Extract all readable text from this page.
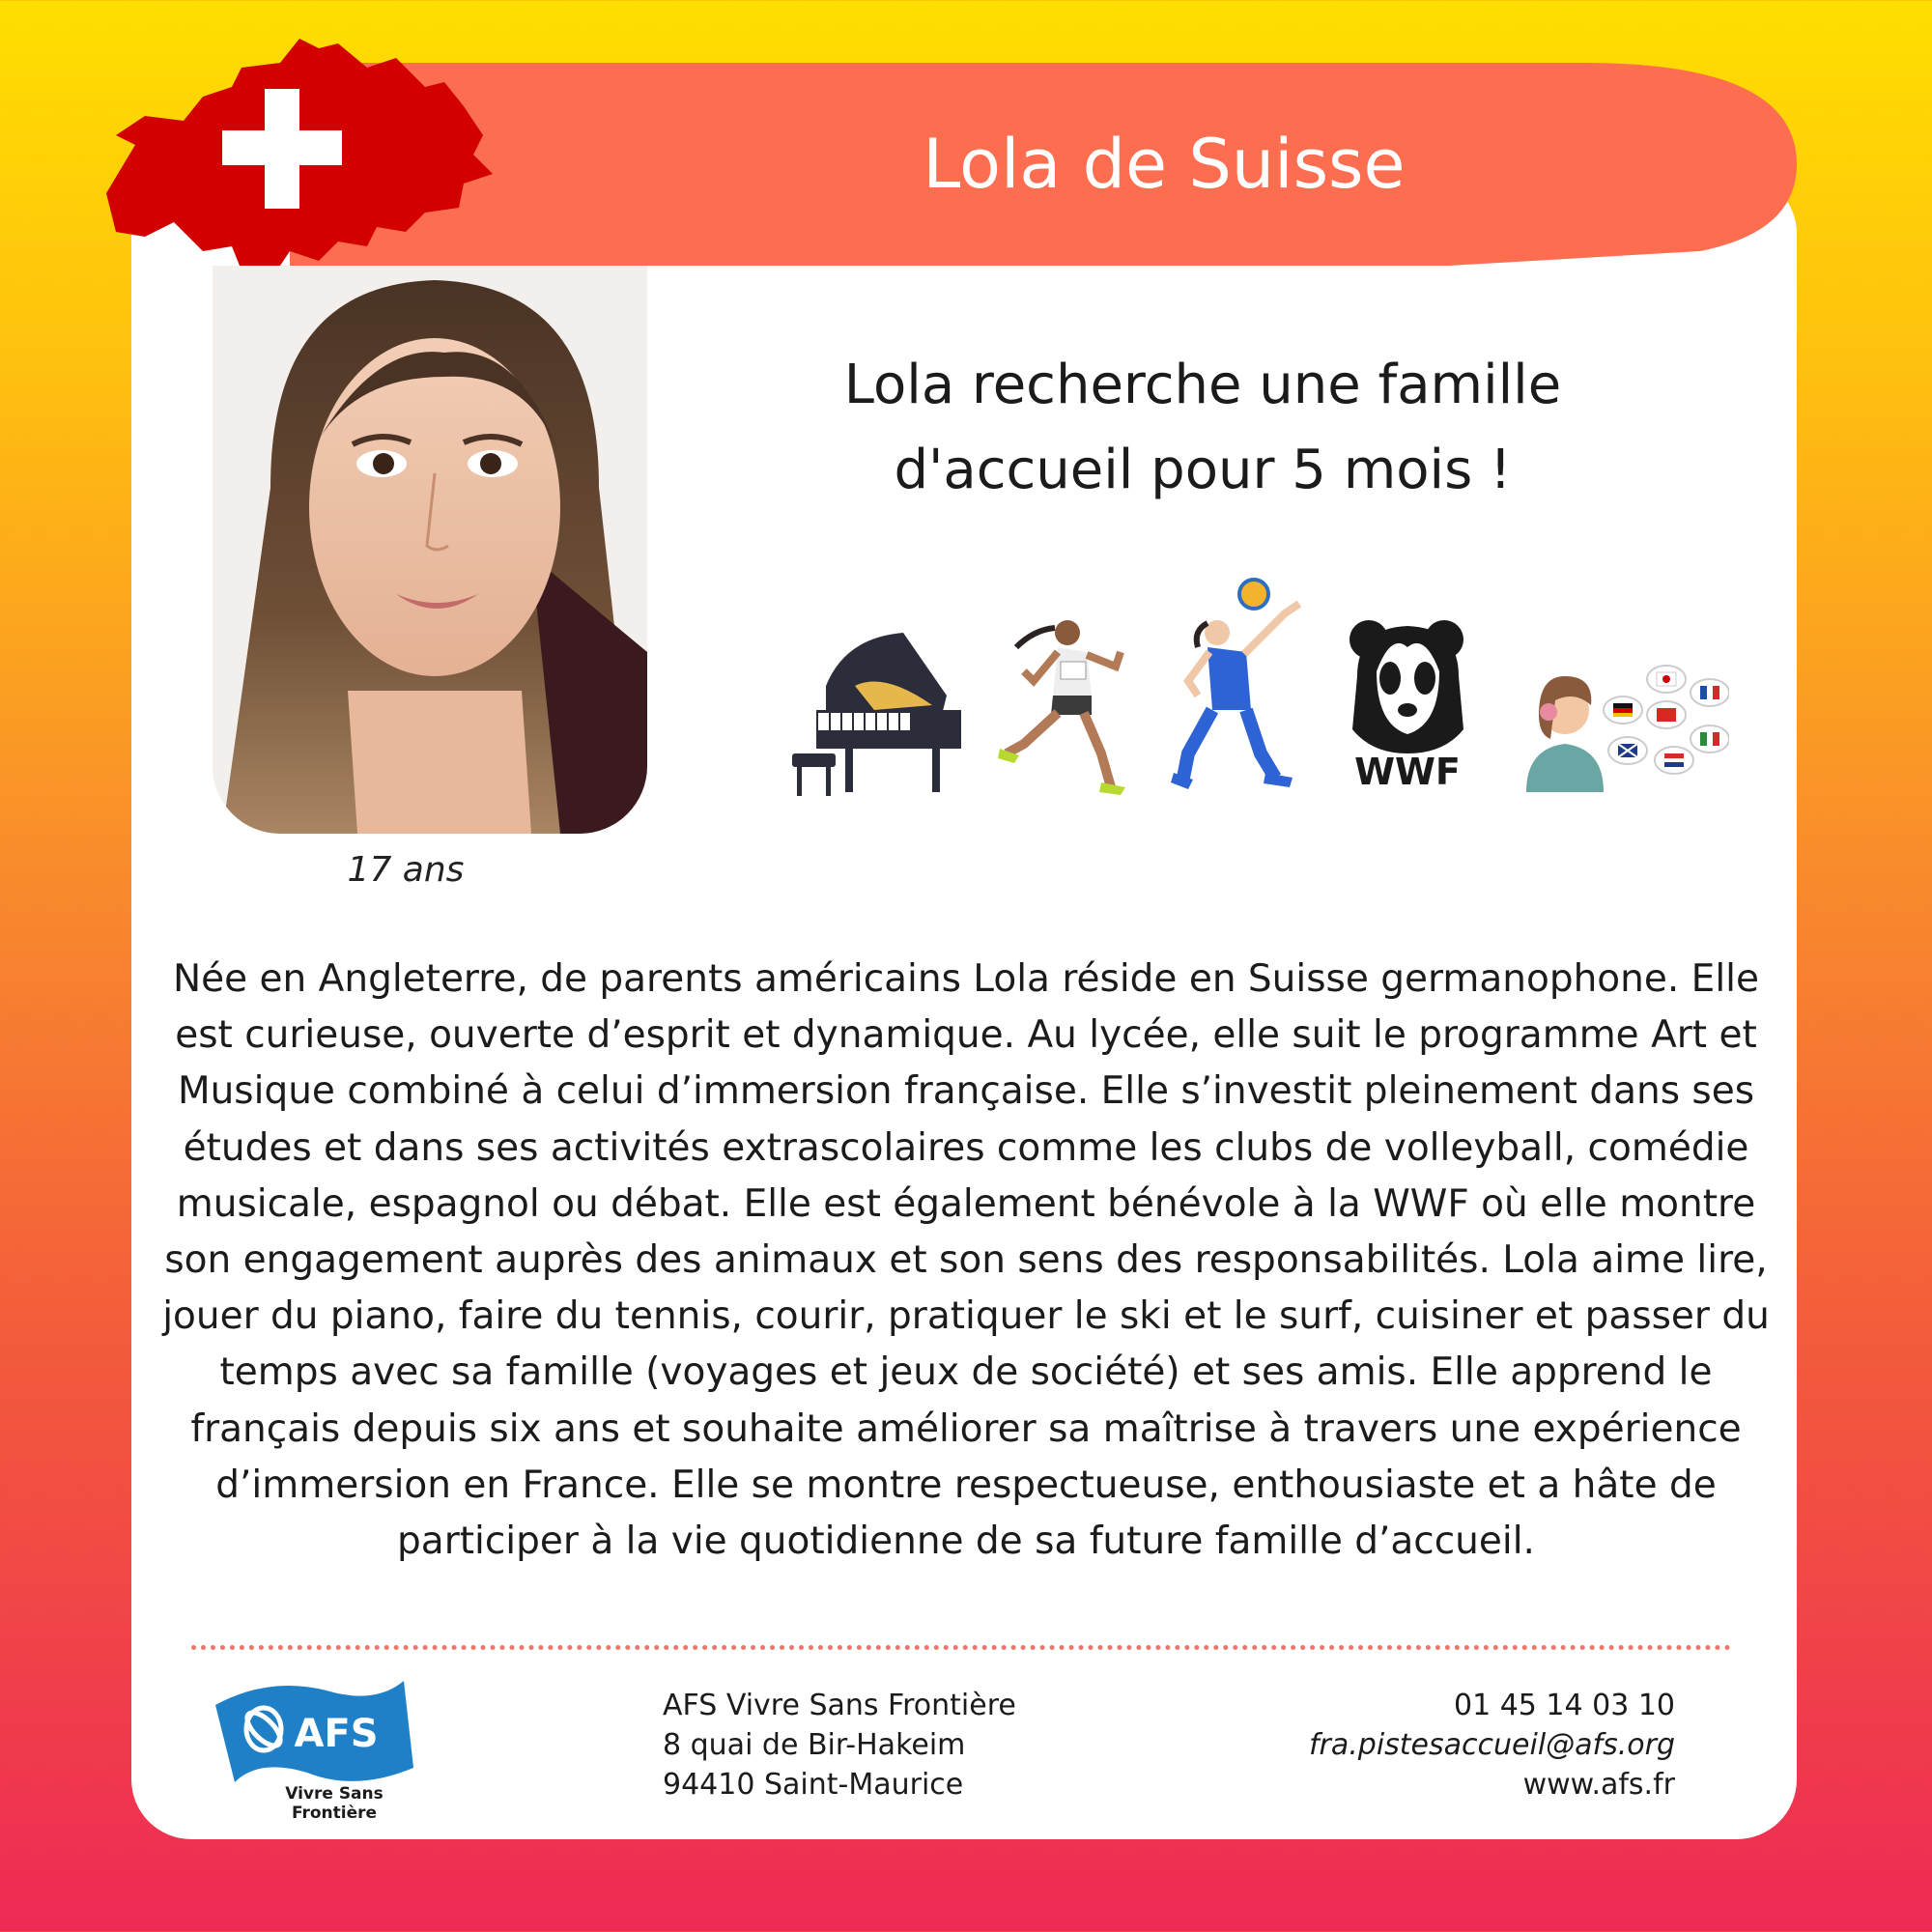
Lola de Suisse
17 ans
Lola recherche une famille
d'accueil pour 5 mois !
WWF
Née en Angleterre, de parents américains Lola réside en Suisse germanophone. Elle est curieuse, ouverte d’esprit et dynamique. Au lycée, elle suit le programme Art et Musique combiné à celui d’immersion française. Elle s’investit pleinement dans ses études et dans ses activités extrascolaires comme les clubs de volleyball, comédie musicale, espagnol ou débat. Elle est également bénévole à la WWF où elle montre son engagement auprès des animaux et son sens des responsabilités. Lola aime lire, jouer du piano, faire du tennis, courir, pratiquer le ski et le surf, cuisiner et passer du temps avec sa famille (voyages et jeux de société) et ses amis. Elle apprend le français depuis six ans et souhaite améliorer sa maîtrise à travers une expérience d’immersion en France. Elle se montre respectueuse, enthousiaste et a hâte de participer à la vie quotidienne de sa future famille d’accueil.
AFS
Vivre Sans
Frontière
AFS Vivre Sans Frontière
8 quai de Bir-Hakeim
94410 Saint-Maurice
01 45 14 03 10
fra.pistesaccueil@afs.org
www.afs.fr
